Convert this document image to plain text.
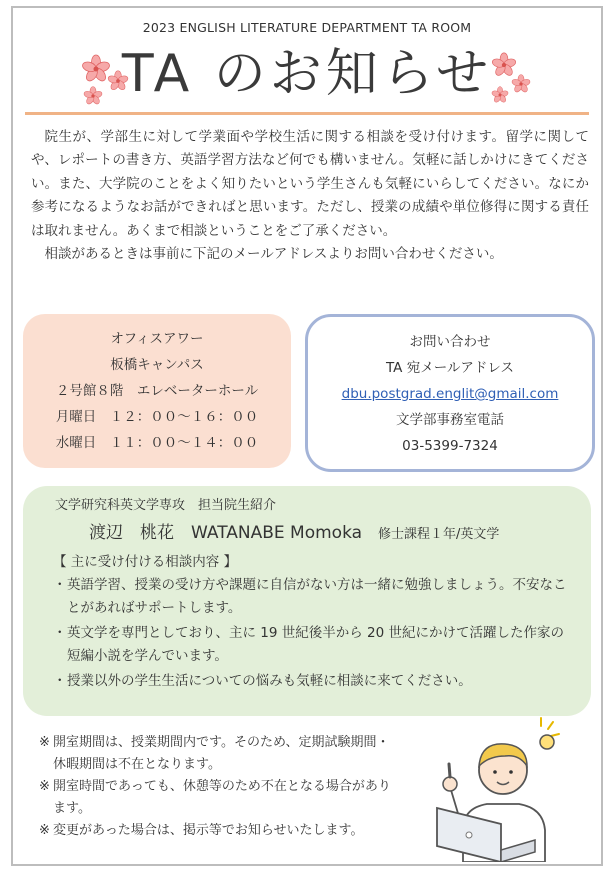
2023 ENGLISH LITERATURE DEPARTMENT TA ROOM
TA のお知らせ

院生が、学部生に対して学業面や学校生活に関する相談を受け付けます。留学に関してや、レポートの書き方、英語学習方法など何でも構いません。気軽に話しかけにきてください。また、大学院のことをよく知りたいという学生さんも気軽にいらしてください。なにか参考になるようなお話ができればと思います。ただし、授業の成績や単位修得に関する責任は取れません。あくまで相談ということをご了承ください。

相談があるときは事前に下記のメールアドレスよりお問い合わせください。

オフィスアワー
板橋キャンパス
２号館８階　エレベーターホール
月曜日　１２：００～１６：００
水曜日　１１：００～１４：００
お問い合わせ
TA 宛メールアドレス
dbu.postgrad.englit@gmail.com
文学部事務室電話
03-5399-7324
文学研究科英文学専攻　担当院生紹介
渡辺　桃花　WATANABE Momoka 修士課程１年/英文学
【 主に受け付ける相談内容 】
・ 英語学習、授業の受け方や課題に自信がない方は一緒に勉強しましょう。不安なことがあればサポートします。
・ 英文学を専門としており、主に 19 世紀後半から 20 世紀にかけて活躍した作家の短編小説を学んでいます。
・ 授業以外の学生生活についての悩みも気軽に相談に来てください。
※ 開室期間は、授業期間内です。そのため、定期試験期間・休暇期間は不在となります。
※ 開室時間であっても、休憩等のため不在となる場合があります。
※ 変更があった場合は、掲示等でお知らせいたします。
